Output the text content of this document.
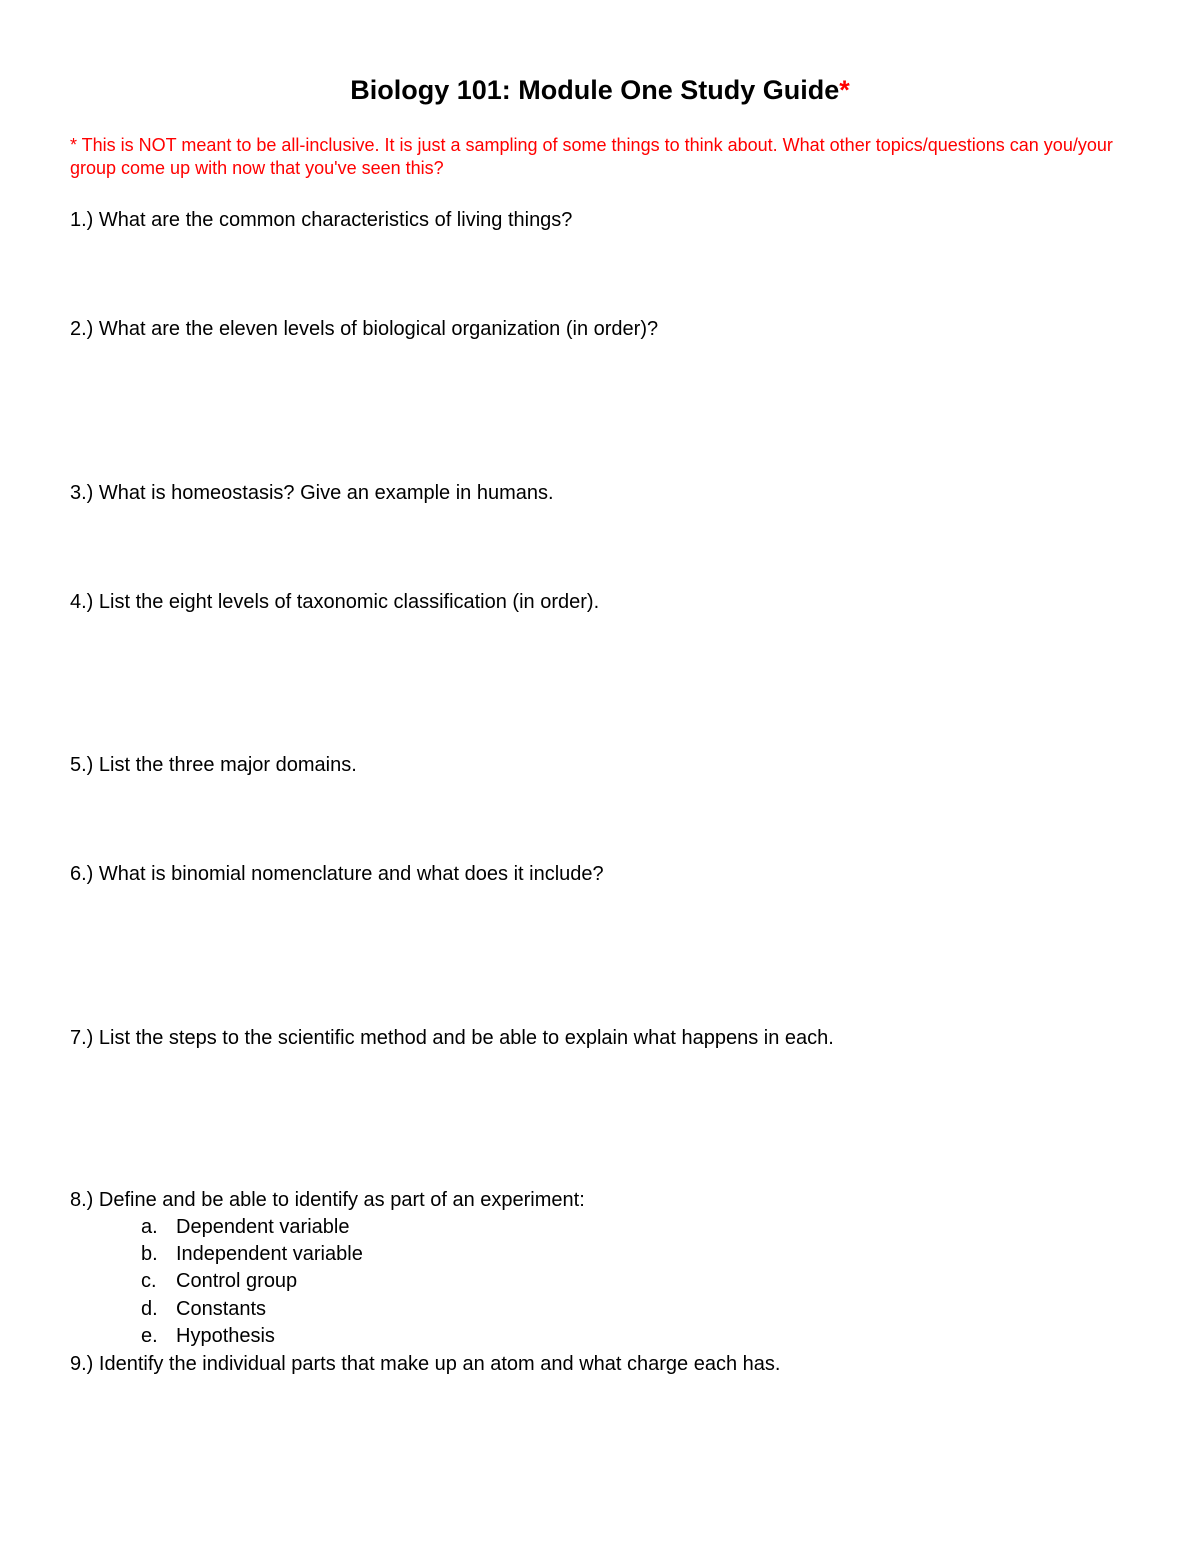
Biology 101: Module One Study Guide*
* This is NOT meant to be all-inclusive. It is just a sampling of some things to think about. What other topics/questions can you/your group come up with now that you've seen this?
1.) What are the common characteristics of living things?
2.) What are the eleven levels of biological organization (in order)?
3.) What is homeostasis? Give an example in humans.
4.) List the eight levels of taxonomic classification (in order).
5.) List the three major domains.
6.) What is binomial nomenclature and what does it include?
7.) List the steps to the scientific method and be able to explain what happens in each.
8.) Define and be able to identify as part of an experiment:
a. Dependent variable
b. Independent variable
c. Control group
d. Constants
e. Hypothesis
9.) Identify the individual parts that make up an atom and what charge each has.
